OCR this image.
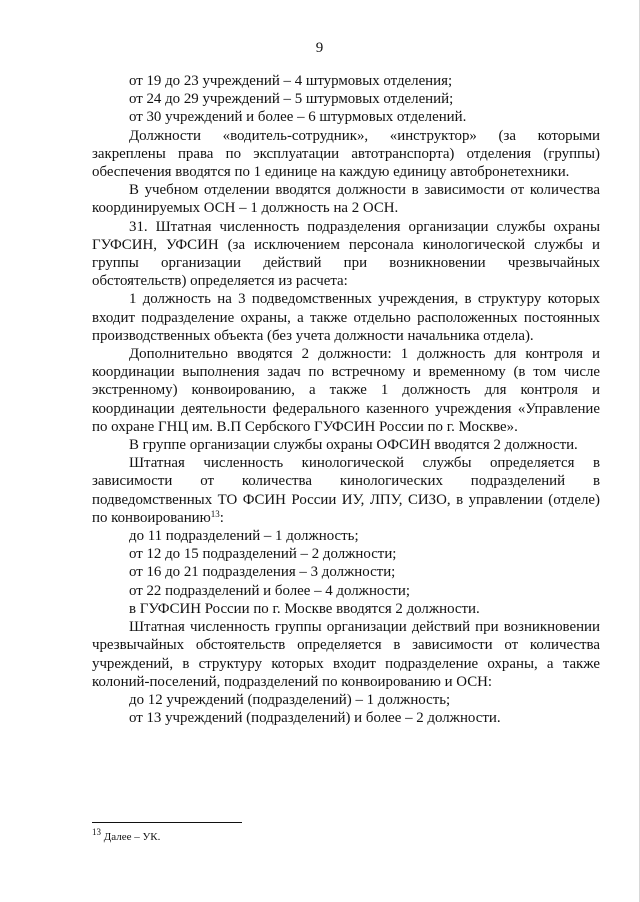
9

от 19 до 23 учреждений – 4 штурмовых отделения;

от 24 до 29 учреждений – 5 штурмовых отделений;

от 30 учреждений и более – 6 штурмовых отделений.

Должности «водитель-сотрудник», «инструктор» (за которыми закреплены права по эксплуатации автотранспорта) отделения (группы) обеспечения вводятся по 1 единице на каждую единицу автобронетехники.

В учебном отделении вводятся должности в зависимости от количества координируемых ОСН – 1 должность на 2 ОСН.

31. Штатная численность подразделения организации службы охраны ГУФСИН, УФСИН (за исключением персонала кинологической службы и группы организации действий при возникновении чрезвычайных обстоятельств) определяется из расчета:

1 должность на 3 подведомственных учреждения, в структуру которых входит подразделение охраны, а также отдельно расположенных постоянных производственных объекта (без учета должности начальника отдела).

Дополнительно вводятся 2 должности: 1 должность для контроля и координации выполнения задач по встречному и временному (в том числе экстренному) конвоированию, а также 1 должность для контроля и координации деятельности федерального казенного учреждения «Управление по охране ГНЦ им. В.П Сербского ГУФСИН России по г. Москве».

В группе организации службы охраны ОФСИН вводятся 2 должности.

Штатная численность кинологической службы определяется в зависимости от количества кинологических подразделений в подведомственных ТО ФСИН России ИУ, ЛПУ, СИЗО, в управлении (отделе) по конвоированию$^{13}$:

до 11 подразделений – 1 должность;

от 12 до 15 подразделений – 2 должности;

от 16 до 21 подразделения – 3 должности;

от 22 подразделений и более – 4 должности;

в ГУФСИН России по г. Москве вводятся 2 должности.

Штатная численность группы организации действий при возникновении чрезвычайных обстоятельств определяется в зависимости от количества учреждений, в структуру которых входит подразделение охраны, а также колоний-поселений, подразделений по конвоированию и ОСН:

до 12 учреждений (подразделений) – 1 должность;

от 13 учреждений (подразделений) и более – 2 должности.

$^{13}$ Далее – УК.
